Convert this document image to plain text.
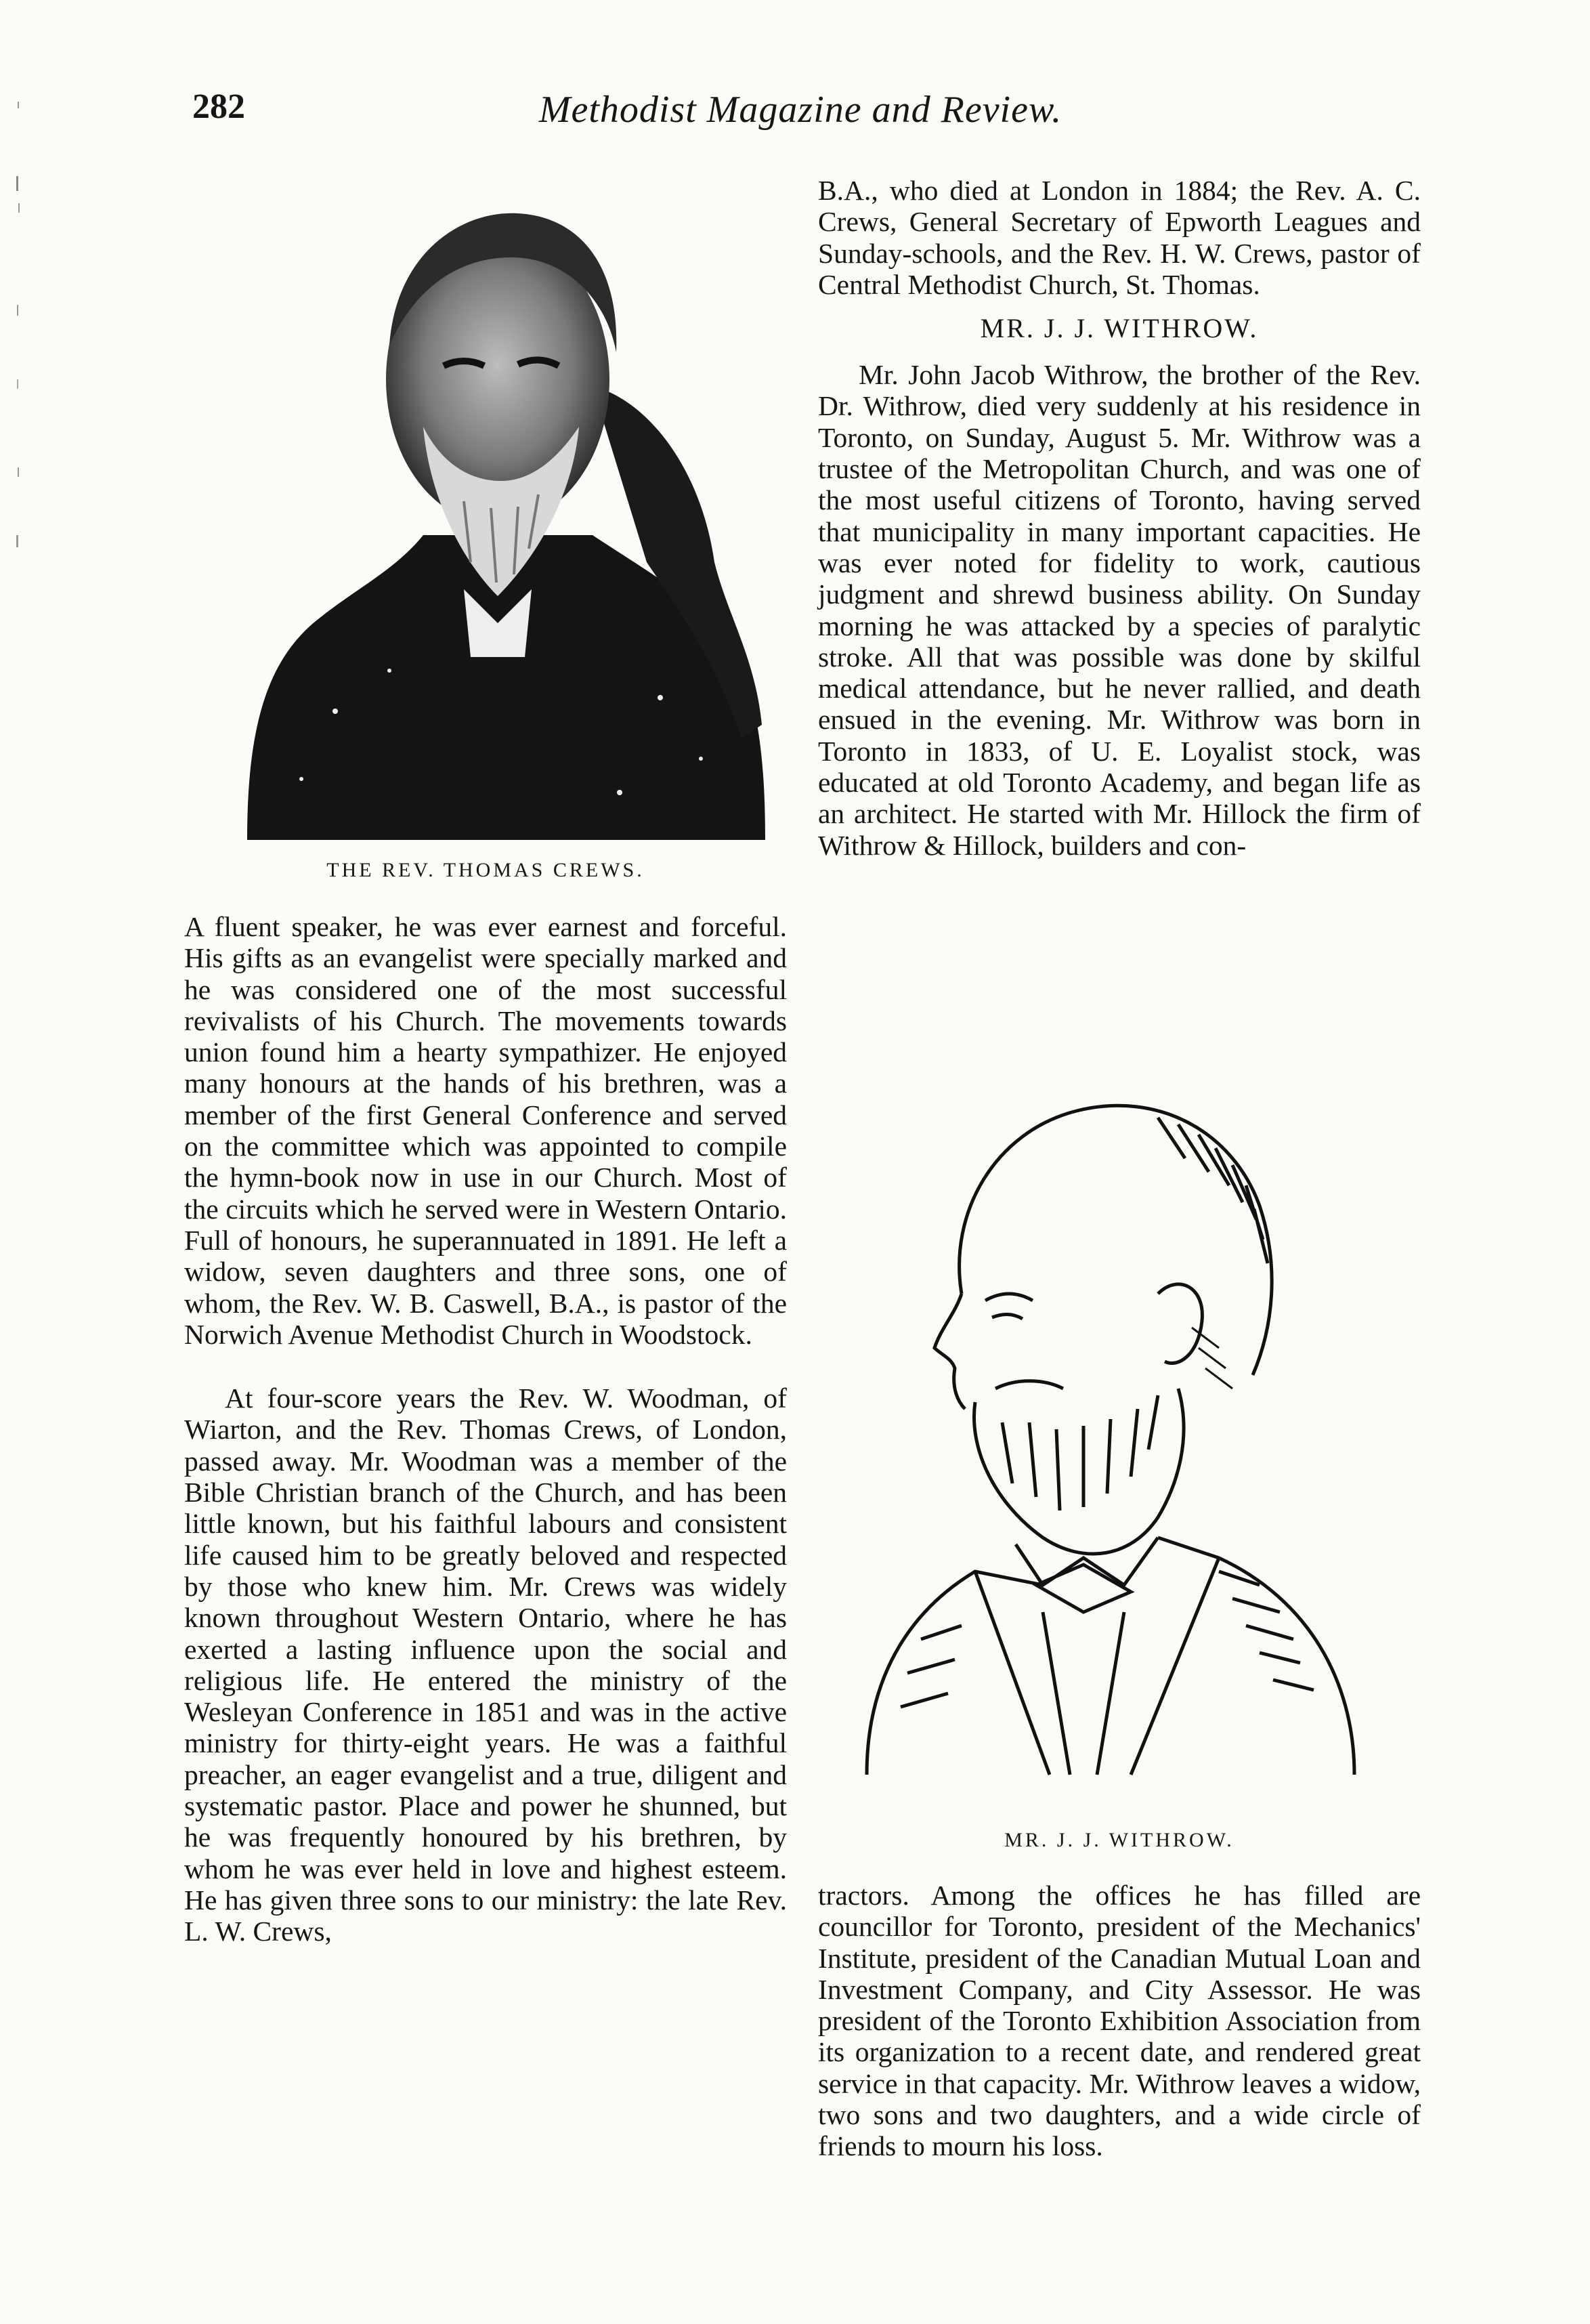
282	Methodist Magazine and Review.

THE REV. THOMAS CREWS.

A fluent speaker, he was ever earnest and forceful. His gifts as an evangelist were specially marked and he was considered one of the most successful revivalists of his Church. The movements towards union found him a hearty sympathizer. He enjoyed many honours at the hands of his brethren, was a member of the first General Conference and served on the committee which was appointed to compile the hymn-book now in use in our Church. Most of the circuits which he served were in Western Ontario. Full of honours, he superannuated in 1891. He left a widow, seven daughters and three sons, one of whom, the Rev. W. B. Caswell, B.A., is pastor of the Norwich Avenue Methodist Church in Woodstock.

At four-score years the Rev. W. Woodman, of Wiarton, and the Rev. Thomas Crews, of London, passed away. Mr. Woodman was a member of the Bible Christian branch of the Church, and has been little known, but his faithful labours and consistent life caused him to be greatly beloved and respected by those who knew him. Mr. Crews was widely known throughout Western Ontario, where he has exerted a lasting influence upon the social and religious life. He entered the ministry of the Wesleyan Conference in 1851 and was in the active ministry for thirty-eight years. He was a faithful preacher, an eager evangelist and a true, diligent and systematic pastor. Place and power he shunned, but he was frequently honoured by his brethren, by whom he was ever held in love and highest esteem. He has given three sons to our ministry: the late Rev. L. W. Crews,

B.A., who died at London in 1884; the Rev. A. C. Crews, General Secretary of Epworth Leagues and Sunday-schools, and the Rev. H. W. Crews, pastor of Central Methodist Church, St. Thomas.

MR. J. J. WITHROW.

Mr. John Jacob Withrow, the brother of the Rev. Dr. Withrow, died very suddenly at his residence in Toronto, on Sunday, August 5. Mr. Withrow was a trustee of the Metropolitan Church, and was one of the most useful citizens of Toronto, having served that municipality in many important capacities. He was ever noted for fidelity to work, cautious judgment and shrewd business ability. On Sunday morning he was attacked by a species of paralytic stroke. All that was possible was done by skilful medical attendance, but he never rallied, and death ensued in the evening. Mr. Withrow was born in Toronto in 1833, of U. E. Loyalist stock, was educated at old Toronto Academy, and began life as an architect. He started with Mr. Hillock the firm of Withrow & Hillock, builders and con-

MR. J. J. WITHROW.

tractors. Among the offices he has filled are councillor for Toronto, president of the Mechanics' Institute, president of the Canadian Mutual Loan and Investment Company, and City Assessor. He was president of the Toronto Exhibition Association from its organization to a recent date, and rendered great service in that capacity. Mr. Withrow leaves a widow, two sons and two daughters, and a wide circle of friends to mourn his loss.
